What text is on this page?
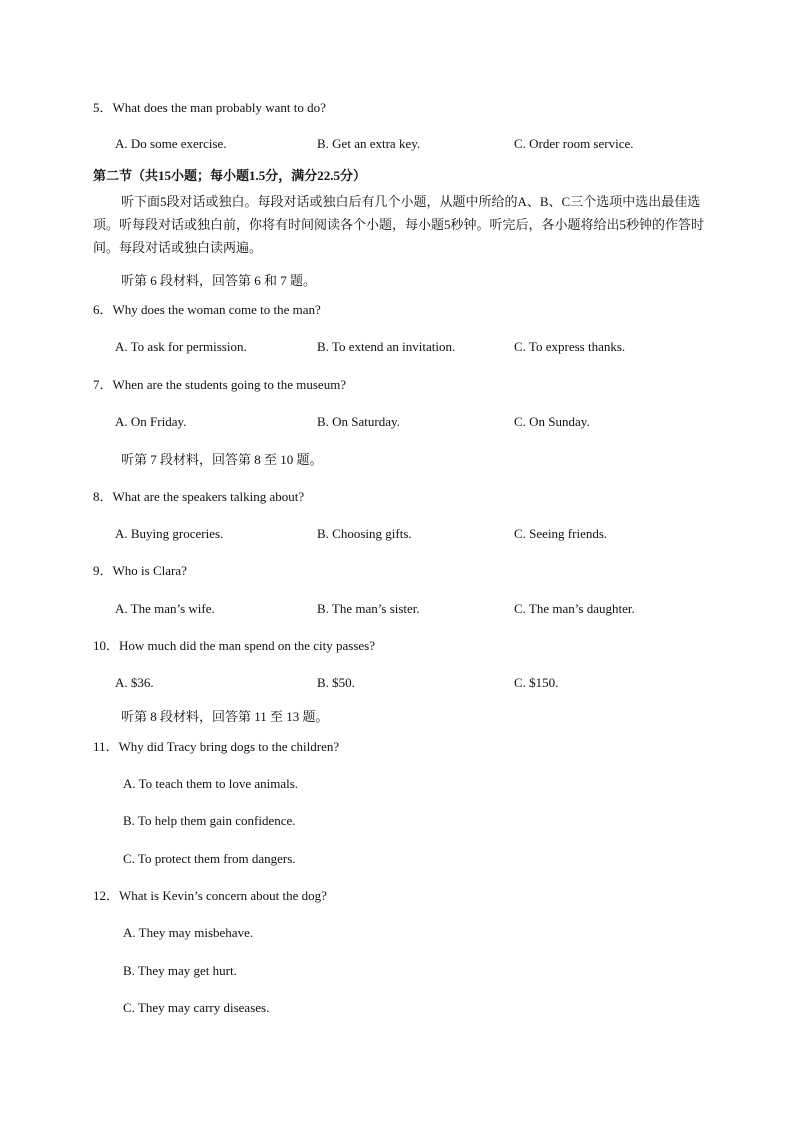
5．What does the man probably want to do?
A. Do some exercise.	B. Get an extra key.	C. Order room service.
第二节（共15小题；每小题1.5分，满分22.5分）
听下面5段对话或独白。每段对话或独白后有几个小题，从题中所给的A、B、C三个选项中选出最佳选项。听每段对话或独白前，你将有时间阅读各个小题，每小题5秒钟。听完后，各小题将给出5秒钟的作答时间。每段对话或独白读两遍。
听第 6 段材料，回答第 6 和 7 题。
6．Why does the woman come to the man?
A. To ask for permission.	B. To extend an invitation.	C. To express thanks.
7．When are the students going to the museum?
A. On Friday.	B. On Saturday.	C. On Sunday.
听第 7 段材料，回答第 8 至 10 题。
8．What are the speakers talking about?
A. Buying groceries.	B. Choosing gifts.	C. Seeing friends.
9．Who is Clara?
A. The man’s wife.	B. The man’s sister.	C. The man’s daughter.
10．How much did the man spend on the city passes?
A. $36.	B. $50.	C. $150.
听第 8 段材料，回答第 11 至 13 题。
11．Why did Tracy bring dogs to the children?
A. To teach them to love animals.
B. To help them gain confidence.
C. To protect them from dangers.
12．What is Kevin’s concern about the dog?
A. They may misbehave.
B. They may get hurt.
C. They may carry diseases.
